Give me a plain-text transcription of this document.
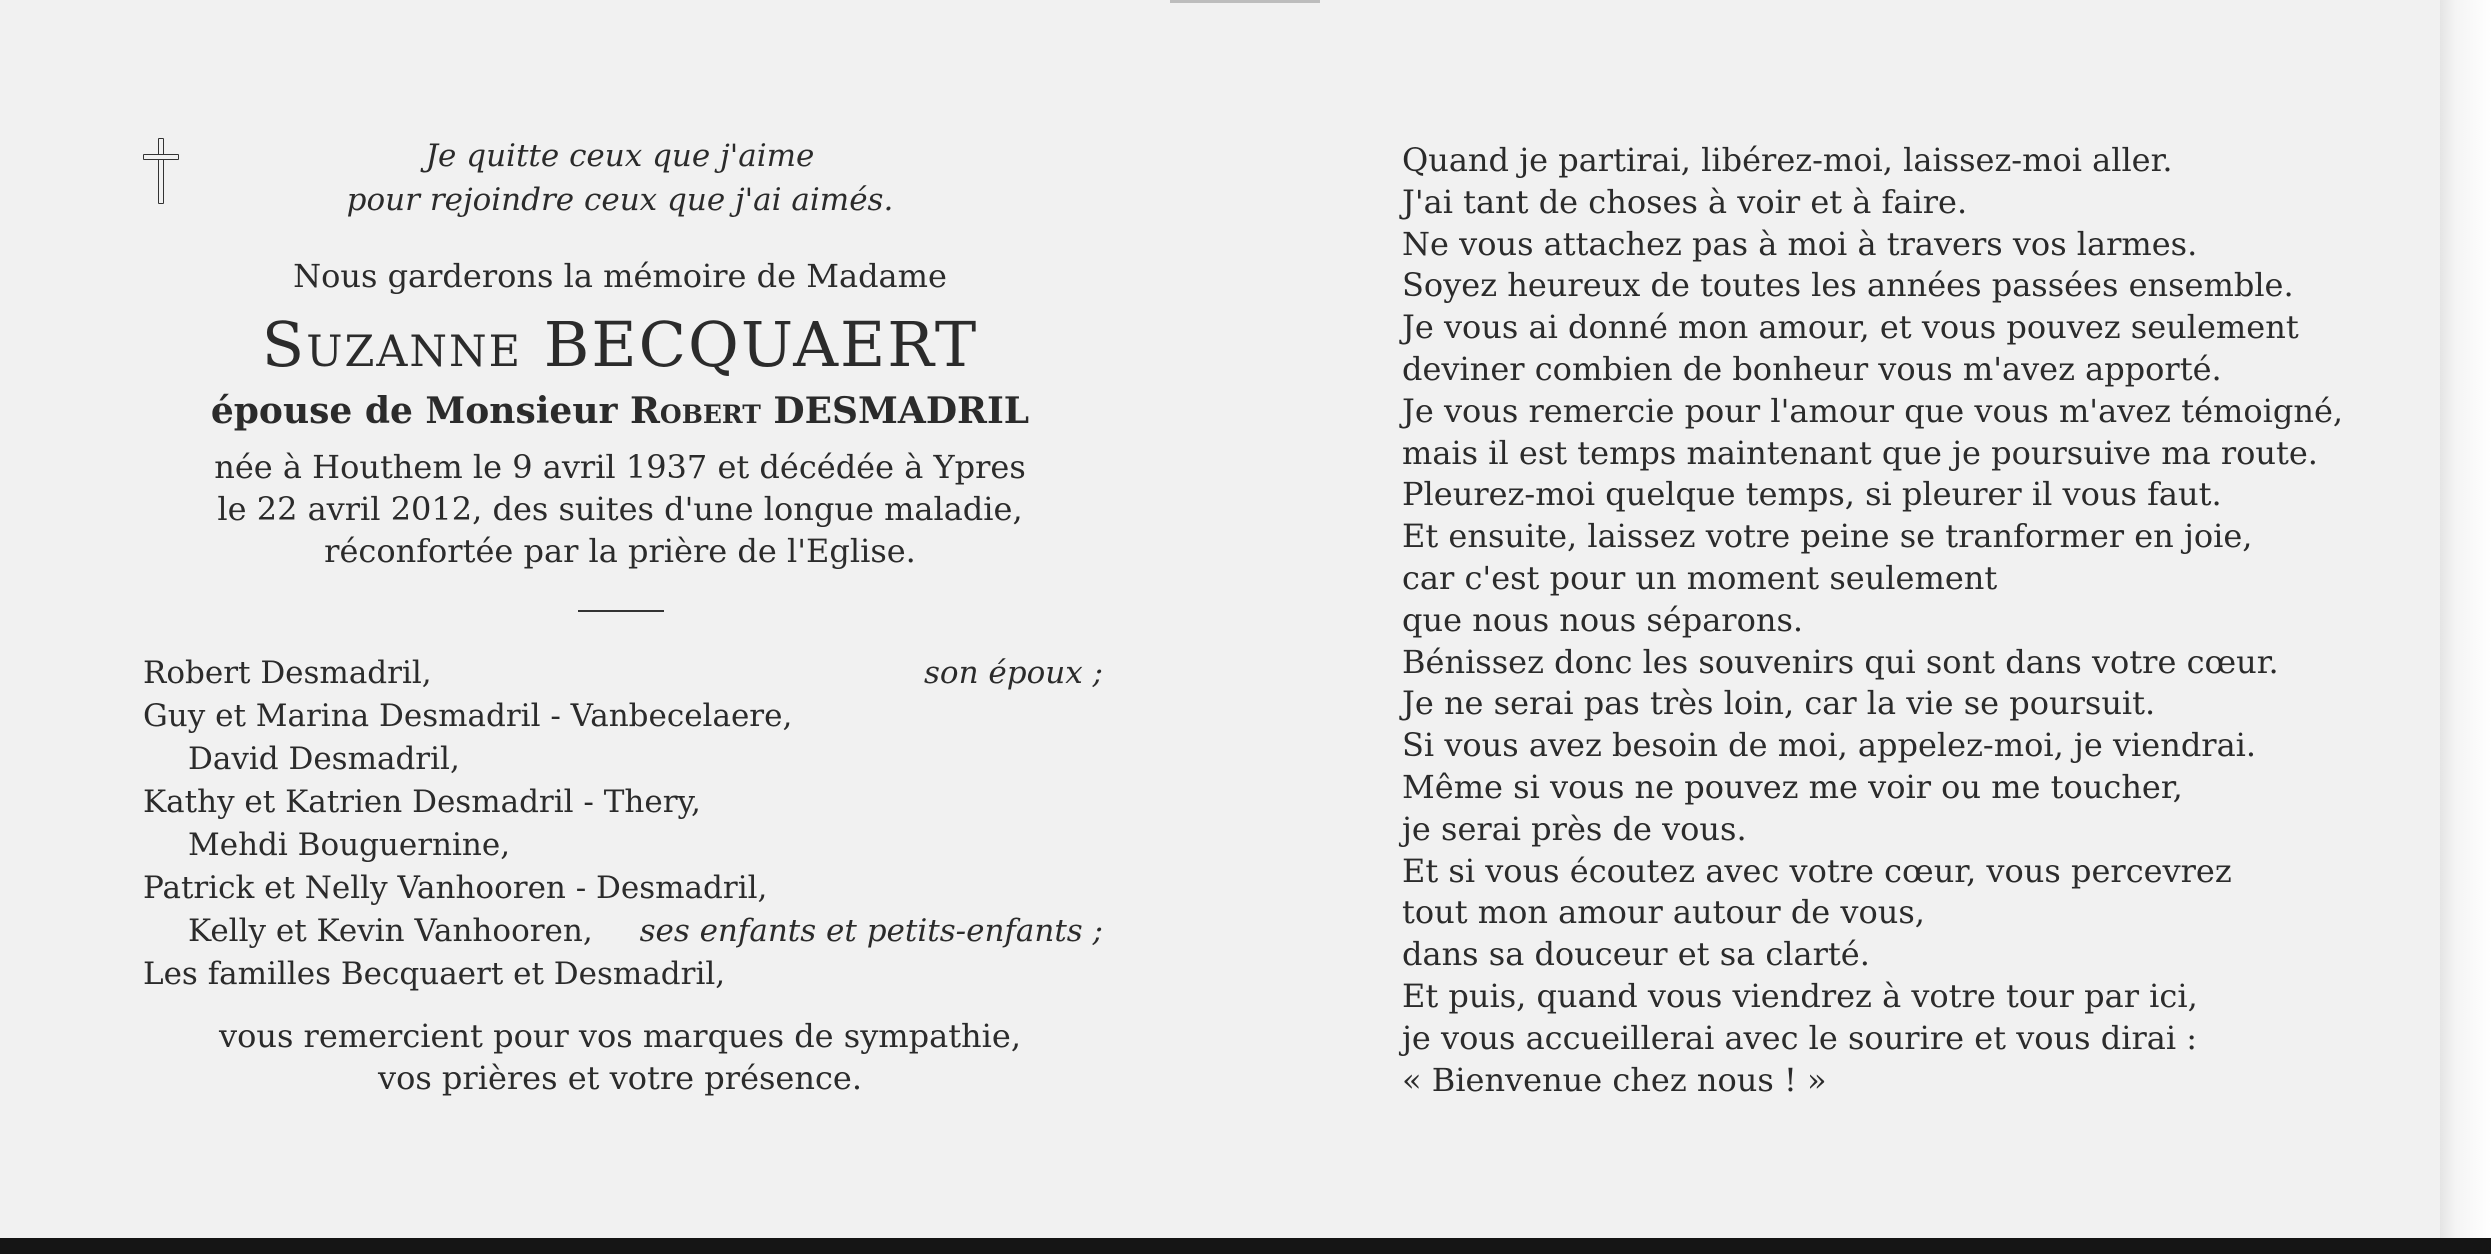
Je quitte ceux que j'aime
pour rejoindre ceux que j'ai aimés.
Nous garderons la mémoire de Madame
Suzanne BECQUAERT
épouse de Monsieur Robert DESMADRIL
née à Houthem le 9 avril 1937 et décédée à Ypres
le 22 avril 2012, des suites d'une longue maladie,
réconfortée par la prière de l'Eglise.
Robert Desmadril,	son époux ;
Guy et Marina Desmadril - Vanbecelaere,
David Desmadril,
Kathy et Katrien Desmadril - Thery,
Mehdi Bouguernine,
Patrick et Nelly Vanhooren - Desmadril,
Kelly et Kevin Vanhooren, ses enfants et petits-enfants ;
Les familles Becquaert et Desmadril,
vous remercient pour vos marques de sympathie,
vos prières et votre présence.
Quand je partirai, libérez-moi, laissez-moi aller.
J'ai tant de choses à voir et à faire.
Ne vous attachez pas à moi à travers vos larmes.
Soyez heureux de toutes les années passées ensemble.
Je vous ai donné mon amour, et vous pouvez seulement
deviner combien de bonheur vous m'avez apporté.
Je vous remercie pour l'amour que vous m'avez témoigné,
mais il est temps maintenant que je poursuive ma route.
Pleurez-moi quelque temps, si pleurer il vous faut.
Et ensuite, laissez votre peine se tranformer en joie,
car c'est pour un moment seulement
que nous nous séparons.
Bénissez donc les souvenirs qui sont dans votre cœur.
Je ne serai pas très loin, car la vie se poursuit.
Si vous avez besoin de moi, appelez-moi, je viendrai.
Même si vous ne pouvez me voir ou me toucher,
je serai près de vous.
Et si vous écoutez avec votre cœur, vous percevrez
tout mon amour autour de vous,
dans sa douceur et sa clarté.
Et puis, quand vous viendrez à votre tour par ici,
je vous accueillerai avec le sourire et vous dirai :
« Bienvenue chez nous ! »
